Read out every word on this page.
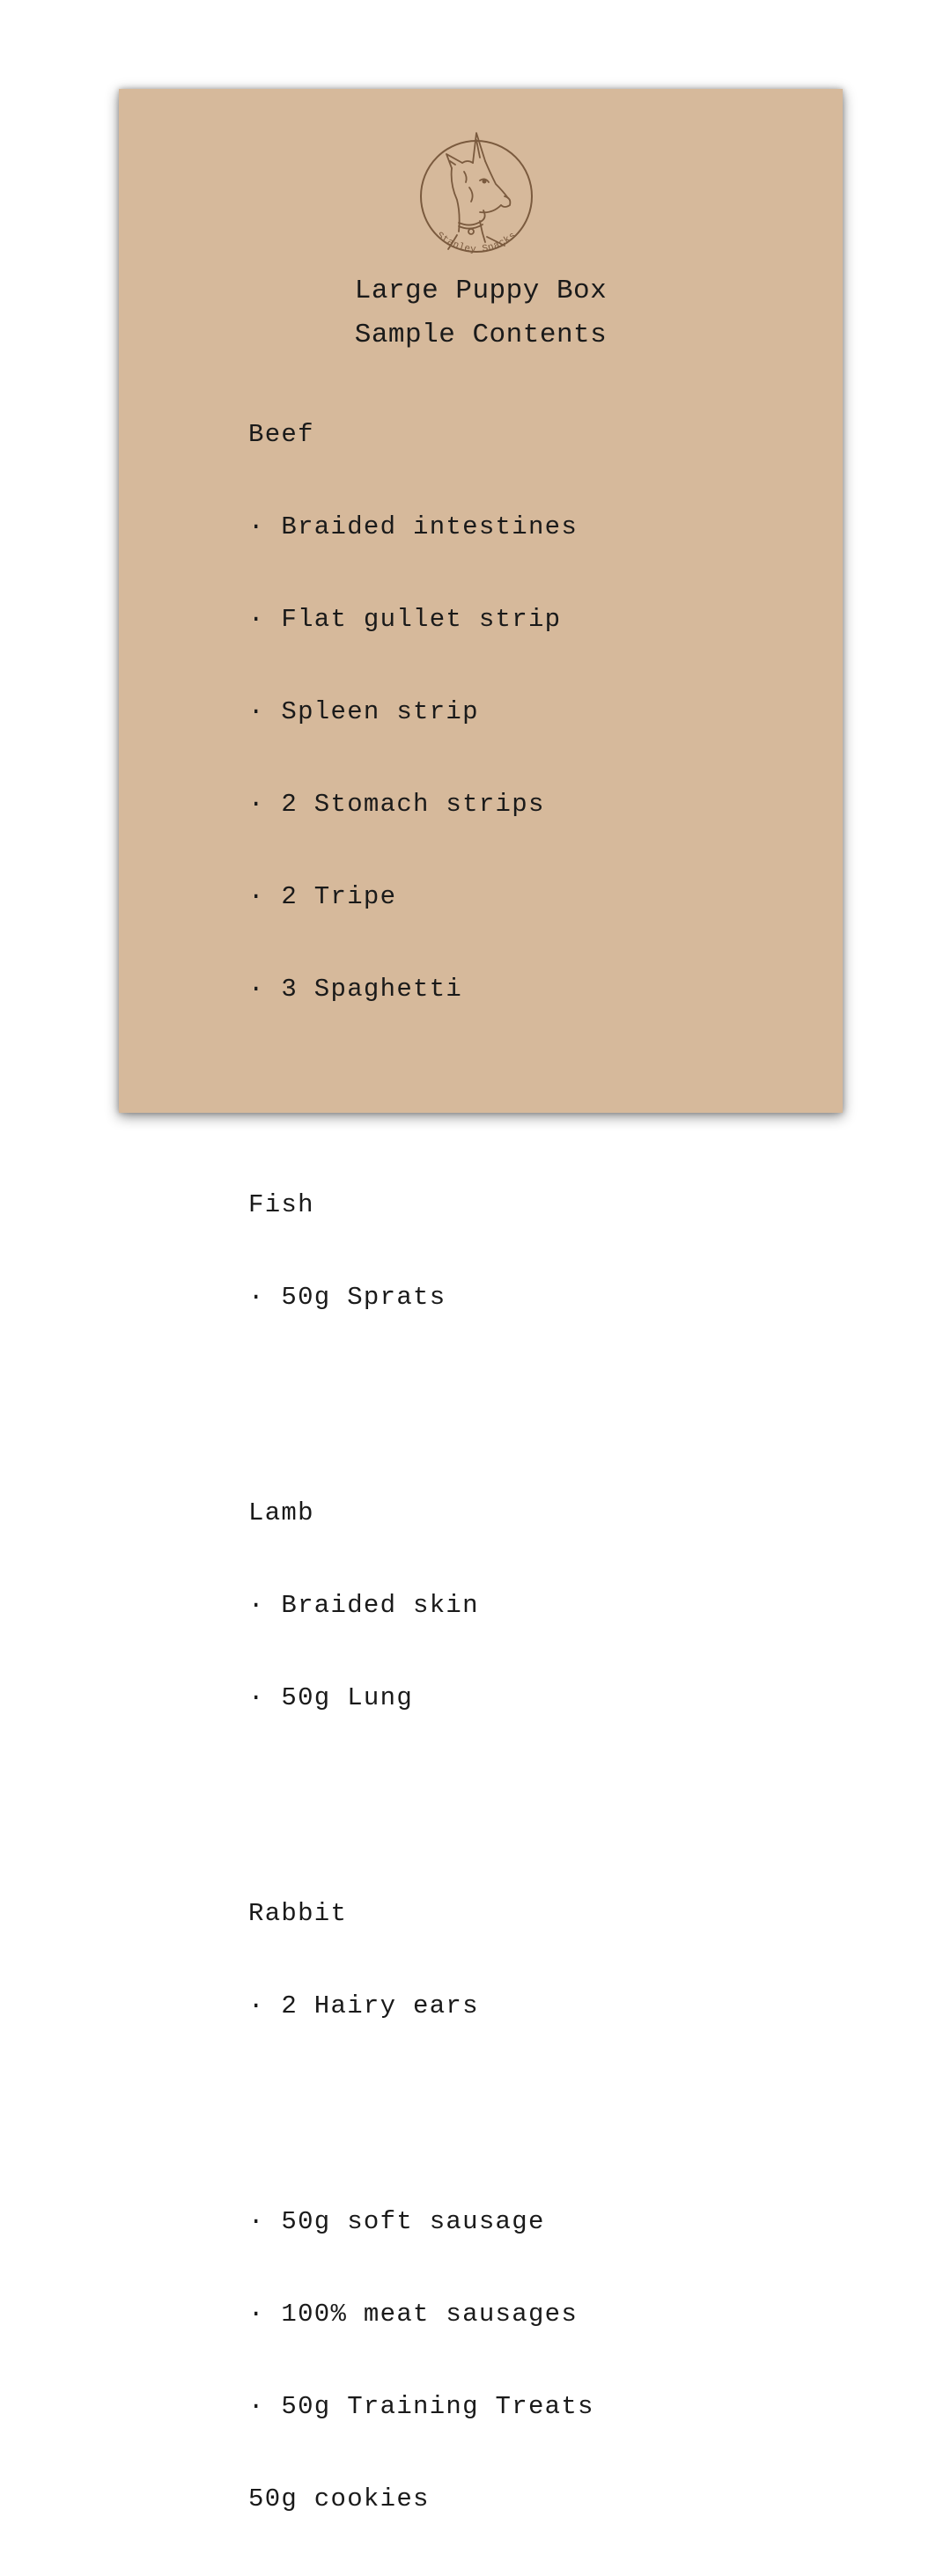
Stanley Snacks
Large Puppy Box
Sample Contents

Beef

· Braided intestines

· Flat gullet strip

· Spleen strip

· 2 Stomach strips

· 2 Tripe

· 3 Spaghetti

Fish

· 50g Sprats

Lamb

· Braided skin

· 50g Lung

Rabbit

· 2 Hairy ears

· 50g soft sausage

· 100% meat sausages

· 50g Training Treats

50g cookies
